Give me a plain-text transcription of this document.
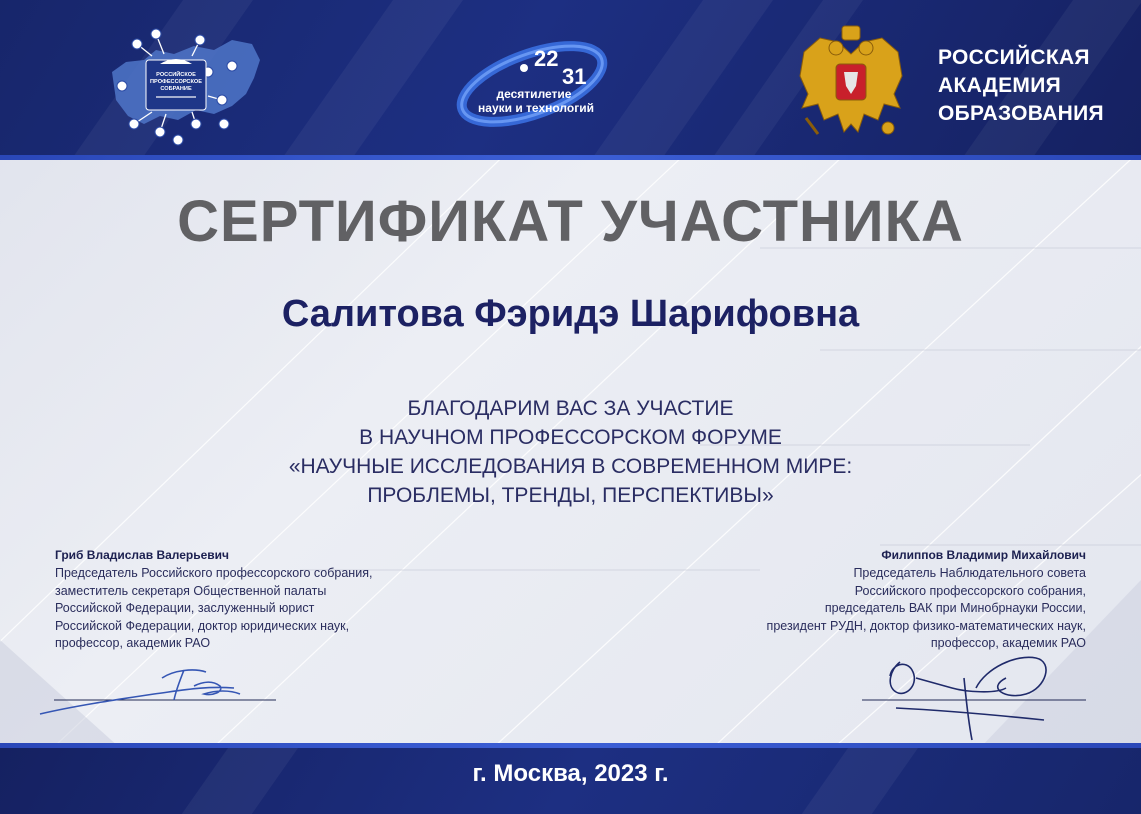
РОССИЙСКОЕ
ПРОФЕССОРСКОЕ
СОБРАНИЕ
22
31
десятилетие
науки и технологий
РОССИЙСКАЯ
АКАДЕМИЯ
ОБРАЗОВАНИЯ
СЕРТИФИКАТ УЧАСТНИКА
Салитова Фэридэ Шарифовна
БЛАГОДАРИМ ВАС ЗА УЧАСТИЕ
В НАУЧНОМ ПРОФЕССОРСКОМ ФОРУМЕ
«НАУЧНЫЕ ИССЛЕДОВАНИЯ В СОВРЕМЕННОМ МИРЕ:
ПРОБЛЕМЫ, ТРЕНДЫ, ПЕРСПЕКТИВЫ»
Гриб Владислав Валерьевич
Председатель Российского профессорского собрания,
заместитель секретаря Общественной палаты
Российской Федерации, заслуженный юрист
Российской Федерации, доктор юридических наук,
профессор, академик РАО
Филиппов Владимир Михайлович
Председатель Наблюдательного совета
Российского профессорского собрания,
председатель ВАК при Минобрнауки России,
президент РУДН, доктор физико-математических наук,
профессор, академик РАО
г. Москва, 2023 г.
